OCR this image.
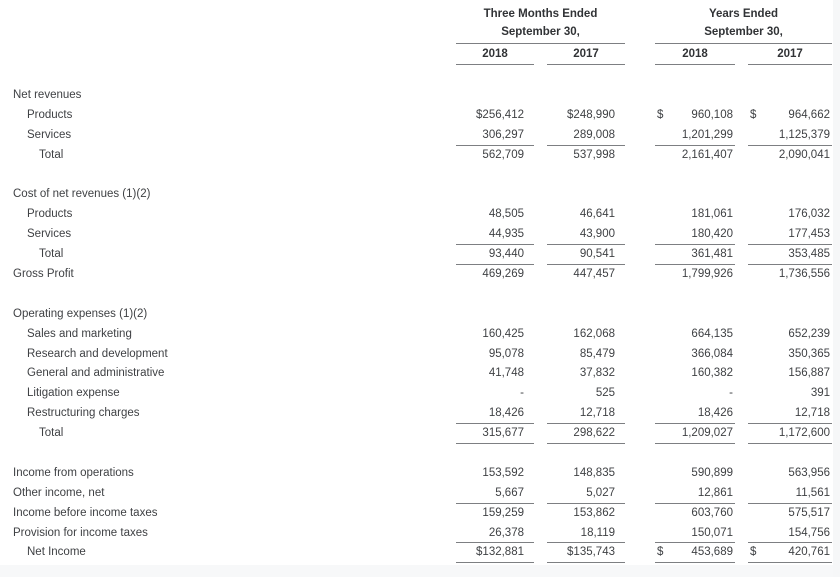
Three Months Ended
September 30,
2018	2017
Years Ended
September 30,
2018	2017
Net revenues
Products	$256,412	$248,990	$ 960,108 $	964,662
Services	306,297	289,008	1,201,299	1,125,379
Total	562,709	537,998	2,161,407	2,090,041
Cost of net revenues (1)(2)
Products	48,505	46,641	181,061	176,032
Services	44,935	43,900	180,420	177,453
Total	93,440	90,541	361,481	353,485
Gross Profit	469,269	447,457	1,799,926	1,736,556
Operating expenses (1)(2)
Sales and marketing	160,425	162,068	664,135	652,239
Research and development	95,078	85,479	366,084	350,365
General and administrative	41,748	37,832	160,382	156,887
Litigation expense	-	525	-	391
Restructuring charges	18,426	12,718	18,426	12,718
Total	315,677	298,622	1,209,027	1,172,600
Income from operations	153,592	148,835	590,899	563,956
Other income, net	5,667	5,027	12,861	11,561
Income before income taxes	159,259	153,862	603,760	575,517
Provision for income taxes	26,378	18,119	150,071	154,756
Net Income	$132,881	$135,743	$ 453,689 $	420,761
